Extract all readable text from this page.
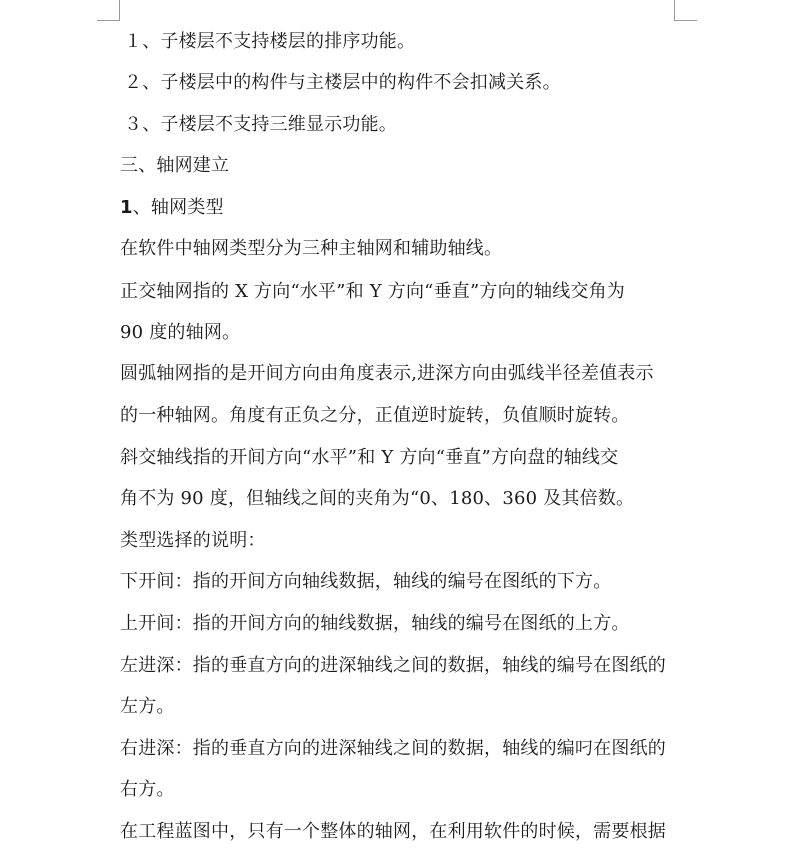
１、子楼层不支持楼层的排序功能。
２、子楼层中的构件与主楼层中的构件不会扣减关系。
３、子楼层不支持三维显示功能。
三、轴网建立
1、轴网类型
在软件中轴网类型分为三种主轴网和辅助轴线。
正交轴网指的 X 方向“水平”和 Y 方向“垂直”方向的轴线交角为
90 度的轴网。
圆弧轴网指的是开间方向由角度表示,进深方向由弧线半径差值表示
的一种轴网。角度有正负之分，正值逆时旋转，负值顺时旋转。
斜交轴线指的开间方向“水平”和 Y 方向“垂直”方向盘的轴线交
角不为 90 度，但轴线之间的夹角为“0、180、360 及其倍数。
类型选择的说明：
下开间：指的开间方向轴线数据，轴线的编号在图纸的下方。
上开间：指的开间方向的轴线数据，轴线的编号在图纸的上方。
左进深：指的垂直方向的进深轴线之间的数据，轴线的编号在图纸的
左方。
右进深：指的垂直方向的进深轴线之间的数据，轴线的编叼在图纸的
右方。
在工程蓝图中，只有一个整体的轴网，在利用软件的时候，需要根据
